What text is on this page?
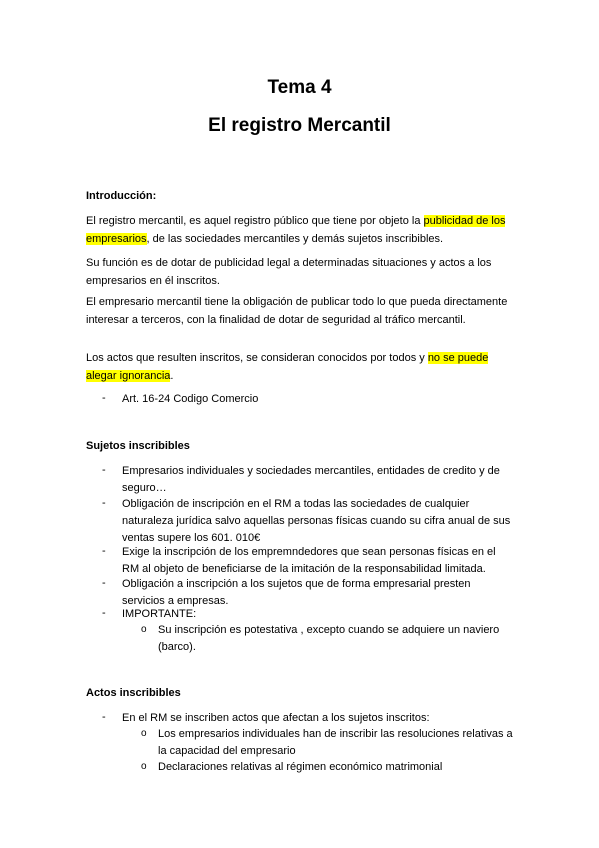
Tema 4
El registro Mercantil
Introducción:
El registro mercantil, es aquel registro público que tiene por objeto la publicidad de los empresarios, de las sociedades mercantiles y demás sujetos inscribibles.
Su función es de dotar de publicidad legal a determinadas situaciones y actos a los empresarios en él inscritos.
El empresario mercantil tiene la obligación de publicar todo lo que pueda directamente interesar a terceros, con la finalidad de dotar de seguridad al tráfico mercantil.
Los actos que resulten inscritos, se consideran conocidos por todos y no se puede alegar ignorancia.
- Art. 16-24 Codigo Comercio
Sujetos inscribibles
- Empresarios individuales y sociedades mercantiles, entidades de credito y de seguro…
- Obligación de inscripción en el RM a todas las sociedades de cualquier naturaleza jurídica salvo aquellas personas físicas cuando su cifra anual de sus ventas supere los 601. 010€
- Exige la inscripción de los empremndedores que sean personas físicas en el RM al objeto de beneficiarse de la imitación de la responsabilidad limitada.
- Obligación a inscripción a los sujetos que de forma empresarial presten servicios a empresas.
- IMPORTANTE:
o Su inscripción es potestativa , excepto cuando se adquiere un naviero (barco).
Actos inscribibles
- En el RM se inscriben actos que afectan a los sujetos inscritos:
o Los empresarios individuales han de inscribir las resoluciones relativas a la capacidad del empresario
o Declaraciones relativas al régimen económico matrimonial
